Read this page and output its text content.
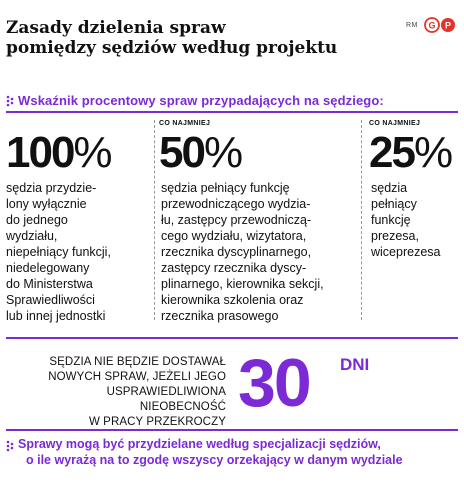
Zasady dzielenia spraw
pomiędzy sędziów według projektu
RM G P
Wskaźnik procentowy spraw przypadających na sędziego:
100%
sędzia przydzie-
lony wyłącznie
do jednego
wydziału,
niepełniący funkcji,
niedelegowany
do Ministerstwa
Sprawiedliwości
lub innej jednostki
CO NAJMNIEJ
50%
sędzia pełniący funkcję
przewodniczącego wydzia-
łu, zastępcy przewodniczą-
cego wydziału, wizytatora,
rzecznika dyscyplinarnego,
zastępcy rzecznika dyscy-
plinarnego, kierownika sekcji,
kierownika szkolenia oraz
rzecznika prasowego
CO NAJMNIEJ
25%
sędzia
pełniący
funkcję
prezesa,
wiceprezesa
SĘDZIA NIE BĘDZIE DOSTAWAŁ
NOWYCH SPRAW, JEŻELI JEGO
USPRAWIEDLIWIONA NIEOBECNOŚĆ
W PRACY PRZEKROCZY
30 DNI
Sprawy mogą być przydzielane według specjalizacji sędziów,
o ile wyrażą na to zgodę wszyscy orzekający w danym wydziale
